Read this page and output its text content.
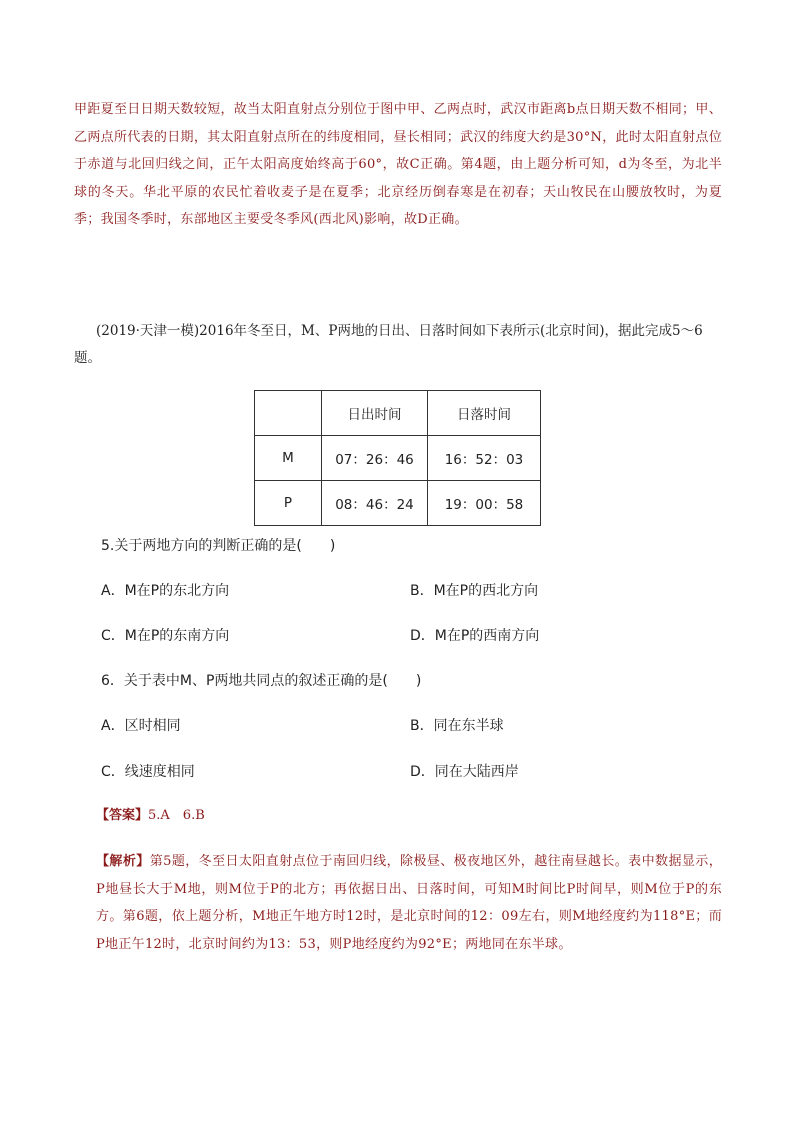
甲距夏至日日期天数较短，故当太阳直射点分别位于图中甲、乙两点时，武汉市距离b点日期天数不相同；甲、乙两点所代表的日期，其太阳直射点所在的纬度相同，昼长相同；武汉的纬度大约是30°N，此时太阳直射点位于赤道与北回归线之间，正午太阳高度始终高于60°，故C正确。第4题，由上题分析可知，d为冬至，为北半球的冬天。华北平原的农民忙着收麦子是在夏季；北京经历倒春寒是在初春；天山牧民在山腰放牧时，为夏季；我国冬季时，东部地区主要受冬季风(西北风)影响，故D正确。
(2019·天津一模)2016年冬至日，M、P两地的日出、日落时间如下表所示(北京时间)，据此完成5～6
题。
	日出时间	日落时间
M	07：26：46	16：52：03
P	08：46：24	19：00：58
5.关于两地方向的判断正确的是(　　)
A．M在P的东北方向	B．M在P的西北方向
C．M在P的东南方向	D．M在P的西南方向
6．关于表中M、P两地共同点的叙述正确的是(　　)
A．区时相同	B．同在东半球
C．线速度相同	D．同在大陆西岸
【答案】5.A　6.B
【解析】第5题，冬至日太阳直射点位于南回归线，除极昼、极夜地区外，越往南昼越长。表中数据显示，P地昼长大于M地，则M位于P的北方；再依据日出、日落时间，可知M时间比P时间早，则M位于P的东方。第6题，依上题分析，M地正午地方时12时，是北京时间的12：09左右，则M地经度约为118°E；而P地正午12时，北京时间约为13：53，则P地经度约为92°E；两地同在东半球。
